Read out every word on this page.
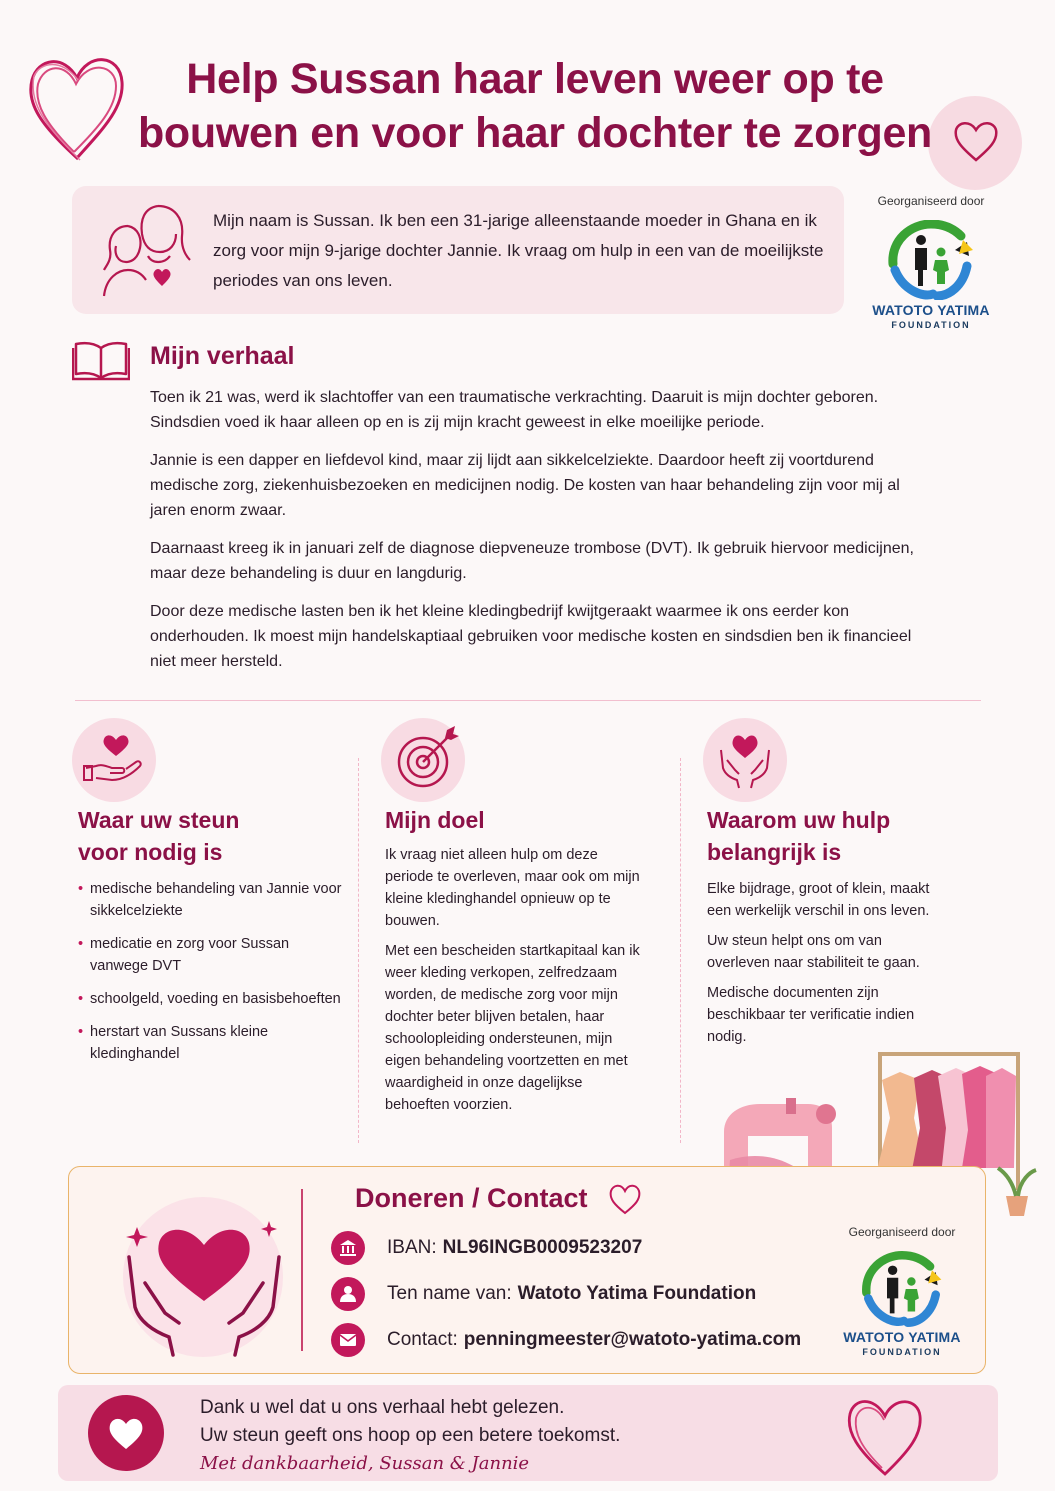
Help Sussan haar leven weer op te
bouwen en voor haar dochter te zorgen
Mijn naam is Sussan. Ik ben een 31-jarige alleenstaande moeder in Ghana en ik zorg voor mijn 9-jarige dochter Jannie. Ik vraag om hulp in een van de moeilijkste periodes van ons leven.
Georganiseerd door
WATOTO YATIMA
FOUNDATION
Mijn verhaal

Toen ik 21 was, werd ik slachtoffer van een traumatische verkrachting. Daaruit is mijn dochter geboren. Sindsdien voed ik haar alleen op en is zij mijn kracht geweest in elke moeilijke periode.

Jannie is een dapper en liefdevol kind, maar zij lijdt aan sikkelcelziekte. Daardoor heeft zij voortdurend medische zorg, ziekenhuisbezoeken en medicijnen nodig. De kosten van haar behandeling zijn voor mij al jaren enorm zwaar.

Daarnaast kreeg ik in januari zelf de diagnose diepveneuze trombose (DVT). Ik gebruik hiervoor medicijnen, maar deze behandeling is duur en langdurig.

Door deze medische lasten ben ik het kleine kledingbedrijf kwijtgeraakt waarmee ik ons eerder kon onderhouden. Ik moest mijn handelskaptiaal gebruiken voor medische kosten en sindsdien ben ik financieel niet meer hersteld.

Waar uw steun
voor nodig is
• medische behandeling van Jannie voor sikkelcelziekte
• medicatie en zorg voor Sussan vanwege DVT
• schoolgeld, voeding en basisbehoeften
• herstart van Sussans kleine kledinghandel
Mijn doel

Ik vraag niet alleen hulp om deze periode te overleven, maar ook om mijn kleine kledinghandel opnieuw op te bouwen.

Met een bescheiden startkapitaal kan ik weer kleding verkopen, zelfredzaam worden, de medische zorg voor mijn dochter beter blijven betalen, haar schoolopleiding ondersteunen, mijn eigen behandeling voortzetten en met waardigheid in onze dagelijkse behoeften voorzien.

Waarom uw hulp
belangrijk is

Elke bijdrage, groot of klein, maakt een werkelijk verschil in ons leven.

Uw steun helpt ons om van overleven naar stabiliteit te gaan.

Medische documenten zijn beschikbaar ter verificatie indien nodig.

Doneren / Contact
IBAN: NL96INGB0009523207
Ten name van: Watoto Yatima Foundation
Contact: penningmeester@watoto-yatima.com
Georganiseerd door
WATOTO YATIMA
FOUNDATION
Dank u wel dat u ons verhaal hebt gelezen.
Uw steun geeft ons hoop op een betere toekomst.
Met dankbaarheid, Sussan & Jannie
